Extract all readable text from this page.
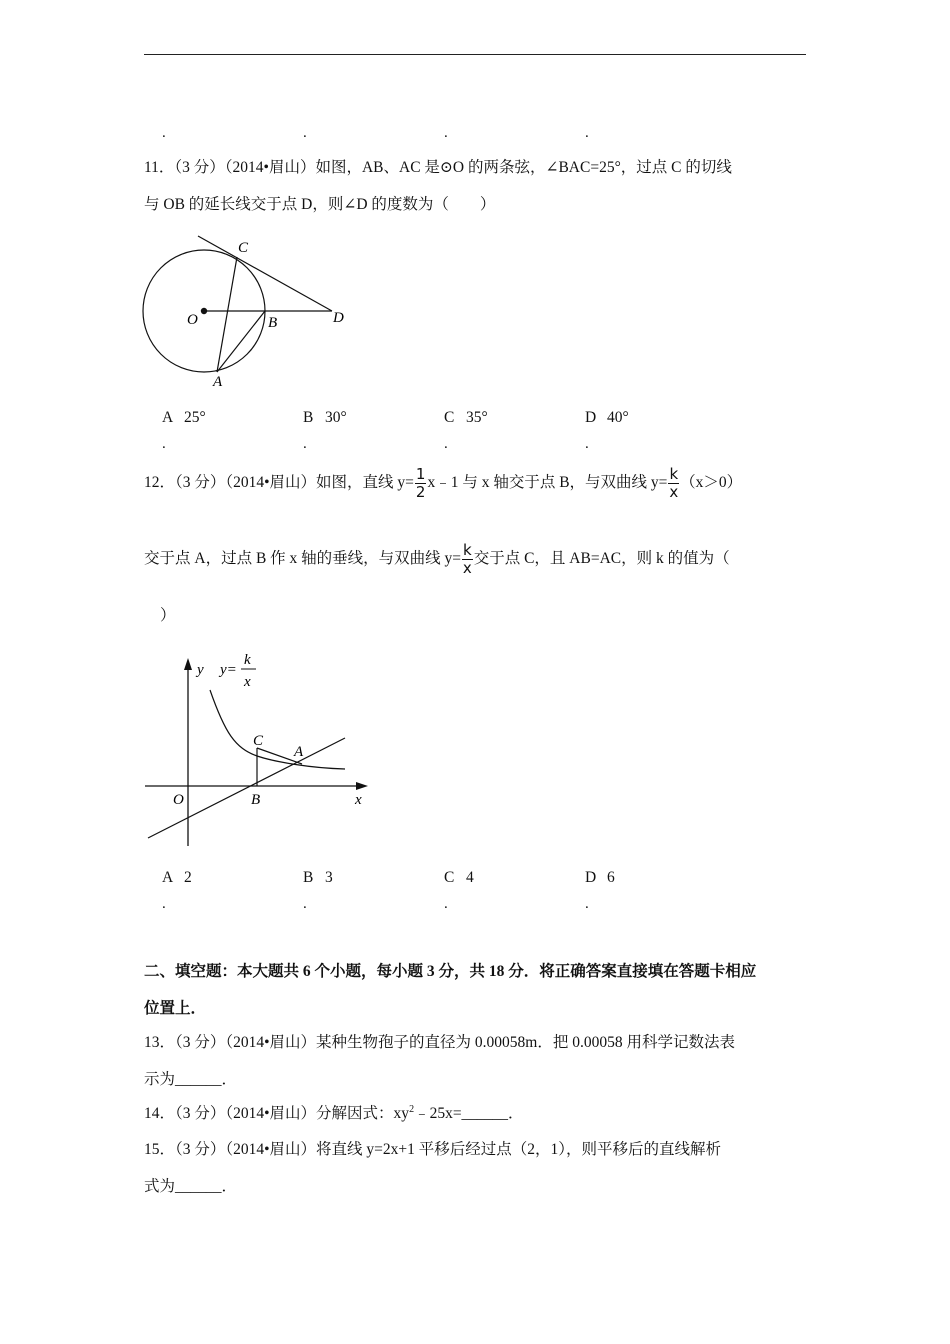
.	.	.	.
11．（3 分）（2014•眉山）如图，AB、AC 是⊙O 的两条弦，∠BAC=25°，过点 C 的切线
与 OB 的延长线交于点 D，则∠D 的度数为（　　）
C
O	B	D
A
A 25°	B 30°	C 35°	D 40°
.	.	.	.
12．（3 分）（2014•眉山）如图，直线 $y= \frac{1}{2}$ x﹣1 与 x 轴交于点 B，与双曲线 $y= \frac{k}{x} (x>0)$
交于点 A，过点 B 作 x 轴的垂线，与双曲线 $y= \frac{k}{x}$ 交于点 C，且 AB=AC，则 k 的值为（
）
y y=
k
x
C
A
O	B	x
A 2	B 3	C 4	D 6
.	.	.	.
二、填空题：本大题共 6 个小题，每小题 3 分，共 18 分．将正确答案直接填在答题卡相应
位置上．
13．（3 分）（2014•眉山）某种生物孢子的直径为 0.00058m．把 0.00058 用科学记数法表
示为______．
14．（3 分）（2014•眉山）分解因式：$xy^2﹣25x=\_\_\_\_\_\_$．
15．（3 分）（2014•眉山）将直线 y=2x+1 平移后经过点（2，1），则平移后的直线解析
式为______．
